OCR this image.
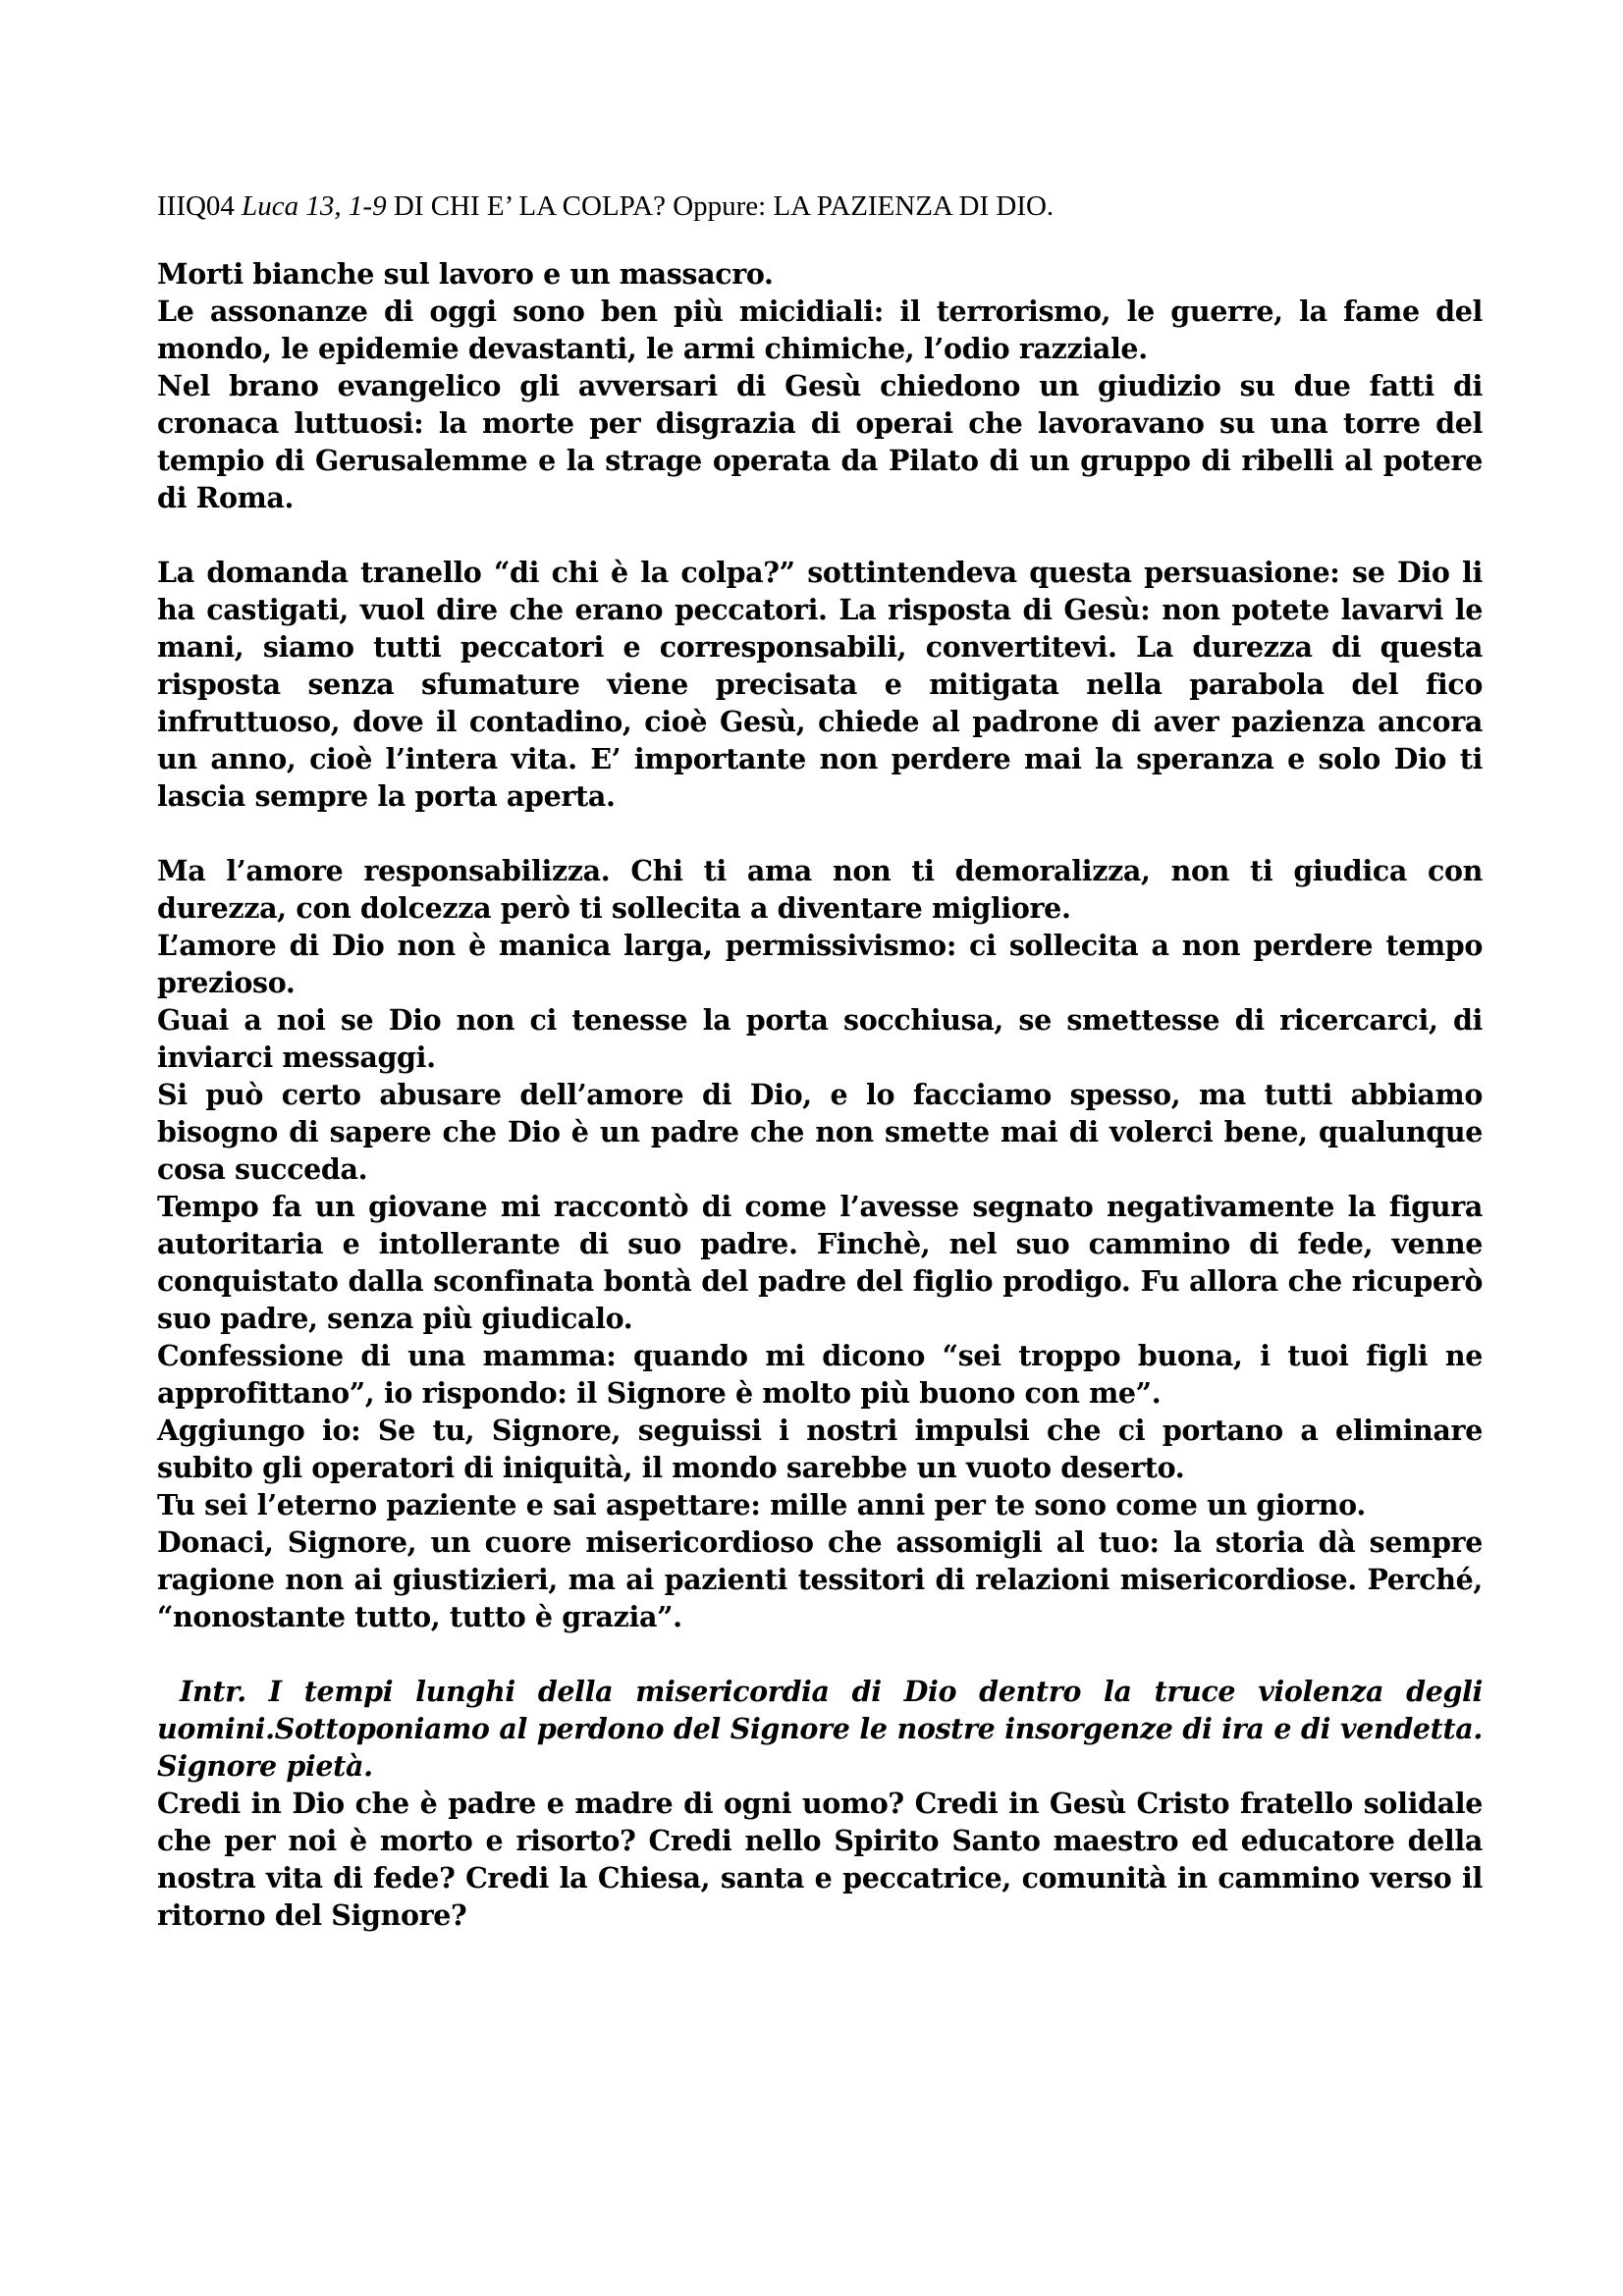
IIIQ04 Luca 13, 1-9 DI CHI E’ LA COLPA? Oppure: LA PAZIENZA DI DIO.

Morti bianche sul lavoro e un massacro.

Le assonanze di oggi sono ben più micidiali: il terrorismo, le guerre, la fame del mondo, le epidemie devastanti, le armi chimiche, l’odio razziale.

Nel brano evangelico gli avversari di Gesù chiedono un giudizio su due fatti di cronaca luttuosi: la morte per disgrazia di operai che lavoravano su una torre del tempio di Gerusalemme e la strage operata da Pilato di un gruppo di ribelli al potere di Roma.

La domanda tranello “di chi è la colpa?” sottintendeva questa persuasione: se Dio li ha castigati, vuol dire che erano peccatori. La risposta di Gesù: non potete lavarvi le mani, siamo tutti peccatori e corresponsabili, convertitevi. La durezza di questa risposta senza sfumature viene precisata e mitigata nella parabola del fico infruttuoso, dove il contadino, cioè Gesù, chiede al padrone di aver pazienza ancora un anno, cioè l’intera vita. E’ importante non perdere mai la speranza e solo Dio ti lascia sempre la porta aperta.

Ma l’amore responsabilizza. Chi ti ama non ti demoralizza, non ti giudica con durezza, con dolcezza però ti sollecita a diventare migliore.

L’amore di Dio non è manica larga, permissivismo: ci sollecita a non perdere tempo prezioso.

Guai a noi se Dio non ci tenesse la porta socchiusa, se smettesse di ricercarci, di inviarci messaggi.

Si può certo abusare dell’amore di Dio, e lo facciamo spesso, ma tutti abbiamo bisogno di sapere che Dio è un padre che non smette mai di volerci bene, qualunque cosa succeda.

Tempo fa un giovane mi raccontò di come l’avesse segnato negativamente la figura autoritaria e intollerante di suo padre. Finchè, nel suo cammino di fede, venne conquistato dalla sconfinata bontà del padre del figlio prodigo. Fu allora che ricuperò suo padre, senza più giudicalo.

Confessione di una mamma: quando mi dicono “sei troppo buona, i tuoi figli ne approfittano”, io rispondo: il Signore è molto più buono con me”.

Aggiungo io: Se tu, Signore, seguissi i nostri impulsi che ci portano a eliminare subito gli operatori di iniquità, il mondo sarebbe un vuoto deserto.

Tu sei l’eterno paziente e sai aspettare: mille anni per te sono come un giorno.

Donaci, Signore, un cuore misericordioso che assomigli al tuo: la storia dà sempre ragione non ai giustizieri, ma ai pazienti tessitori di relazioni misericordiose. Perché, “nonostante tutto, tutto è grazia”.

Intr. I tempi lunghi della misericordia di Dio dentro la truce violenza degli uomini.Sottoponiamo al perdono del Signore le nostre insorgenze di ira e di vendetta. Signore pietà.

Credi in Dio che è padre e madre di ogni uomo? Credi in Gesù Cristo fratello solidale che per noi è morto e risorto? Credi nello Spirito Santo maestro ed educatore della nostra vita di fede? Credi la Chiesa, santa e peccatrice, comunità in cammino verso il ritorno del Signore?
